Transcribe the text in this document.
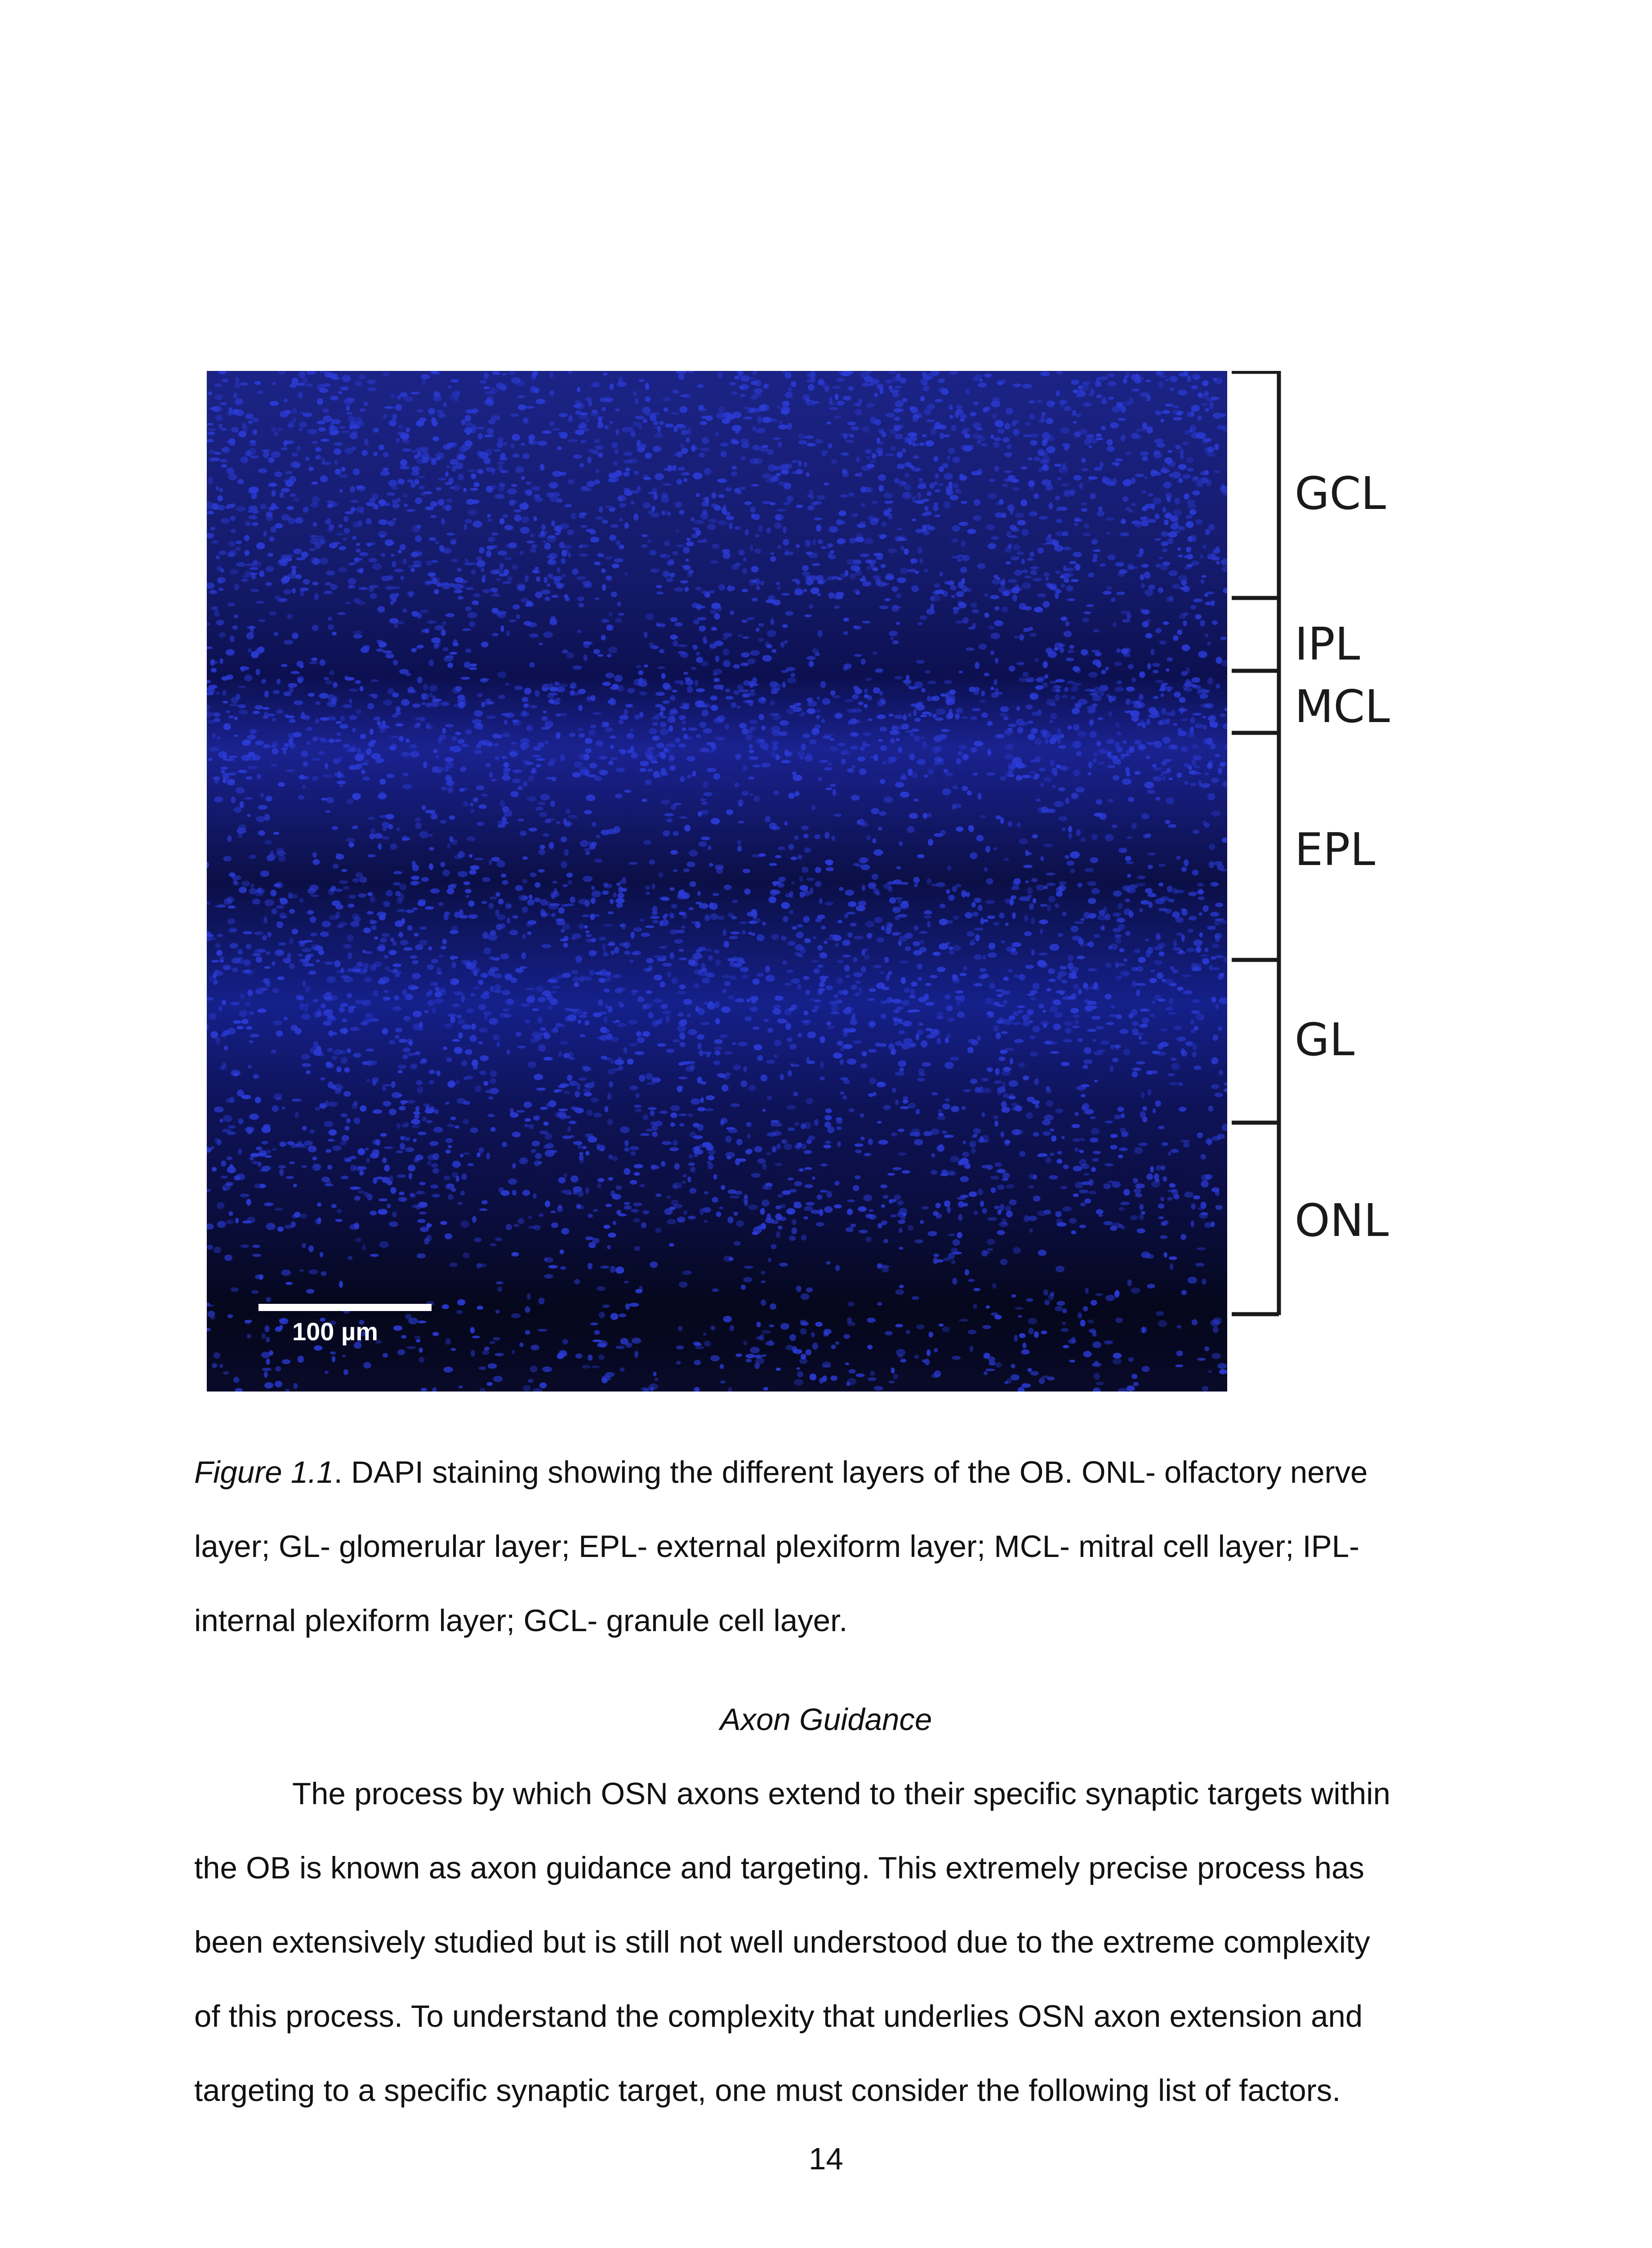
100 µm
GCL
IPL
MCL
EPL
GL
ONL
Figure 1.1. DAPI staining showing the different layers of the OB. ONL- olfactory nerve
layer; GL- glomerular layer; EPL- external plexiform layer; MCL- mitral cell layer; IPL-
internal plexiform layer; GCL- granule cell layer.
Axon Guidance
The process by which OSN axons extend to their specific synaptic targets within
the OB is known as axon guidance and targeting. This extremely precise process has
been extensively studied but is still not well understood due to the extreme complexity
of this process. To understand the complexity that underlies OSN axon extension and
targeting to a specific synaptic target, one must consider the following list of factors.
14
